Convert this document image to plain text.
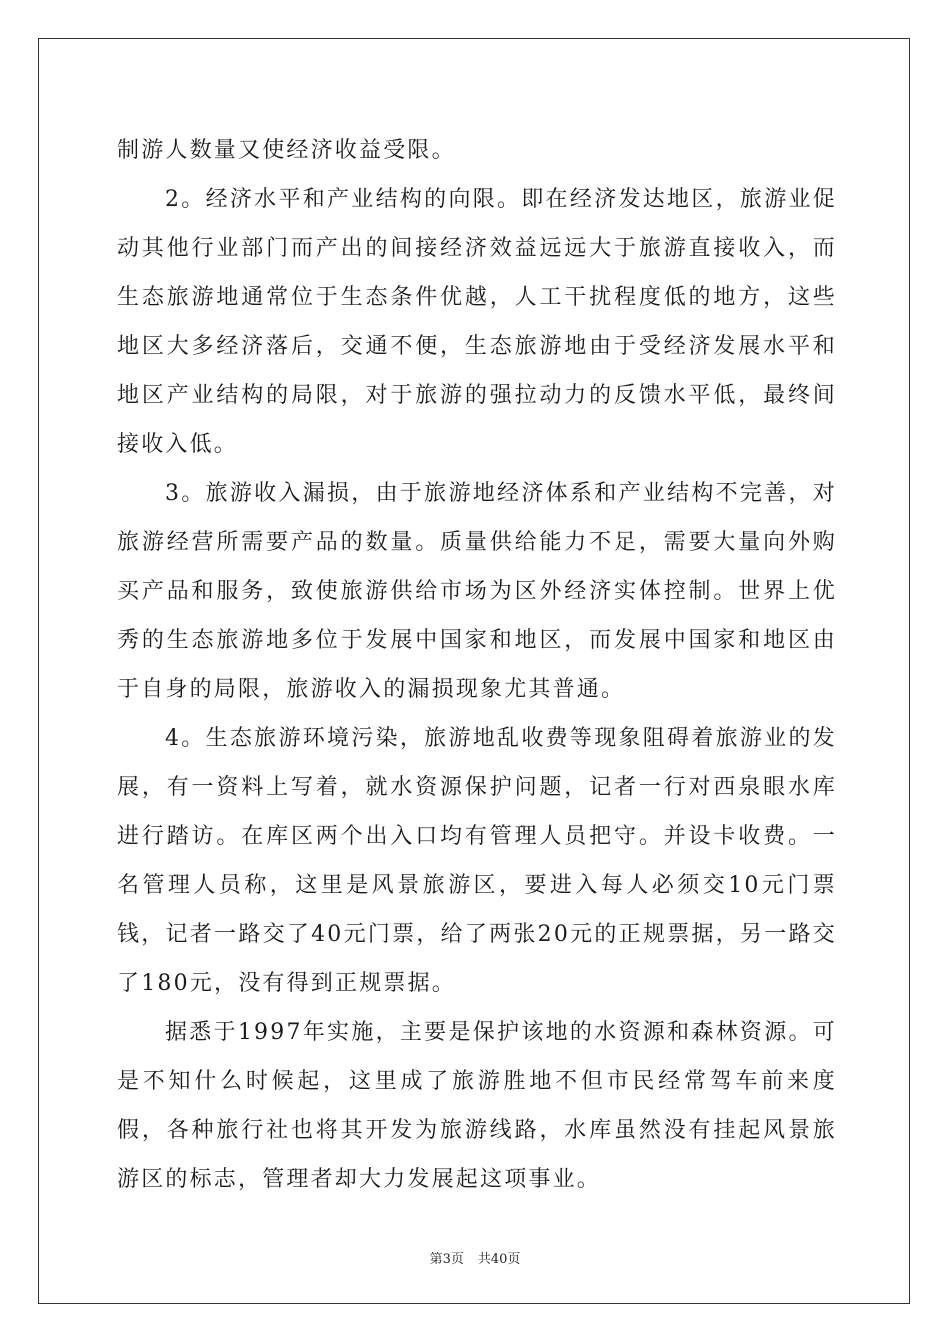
制游人数量又使经济收益受限。

2。经济水平和产业结构的向限。即在经济发达地区，旅游业促动其他行业部门而产出的间接经济效益远远大于旅游直接收入，而生态旅游地通常位于生态条件优越，人工干扰程度低的地方，这些地区大多经济落后，交通不便，生态旅游地由于受经济发展水平和地区产业结构的局限，对于旅游的强拉动力的反馈水平低，最终间接收入低。

3。旅游收入漏损，由于旅游地经济体系和产业结构不完善，对旅游经营所需要产品的数量。质量供给能力不足，需要大量向外购买产品和服务，致使旅游供给市场为区外经济实体控制。世界上优秀的生态旅游地多位于发展中国家和地区，而发展中国家和地区由于自身的局限，旅游收入的漏损现象尤其普通。

4。生态旅游环境污染，旅游地乱收费等现象阻碍着旅游业的发展，有一资料上写着，就水资源保护问题，记者一行对西泉眼水库进行踏访。在库区两个出入口均有管理人员把守。并设卡收费。一名管理人员称，这里是风景旅游区，要进入每人必须交10元门票钱，记者一路交了40元门票，给了两张20元的正规票据，另一路交了180元，没有得到正规票据。

据悉于1997年实施，主要是保护该地的水资源和森林资源。可是不知什么时候起，这里成了旅游胜地不但市民经常驾车前来度假，各种旅行社也将其开发为旅游线路，水库虽然没有挂起风景旅游区的标志，管理者却大力发展起这项事业。

第3页 共40页
